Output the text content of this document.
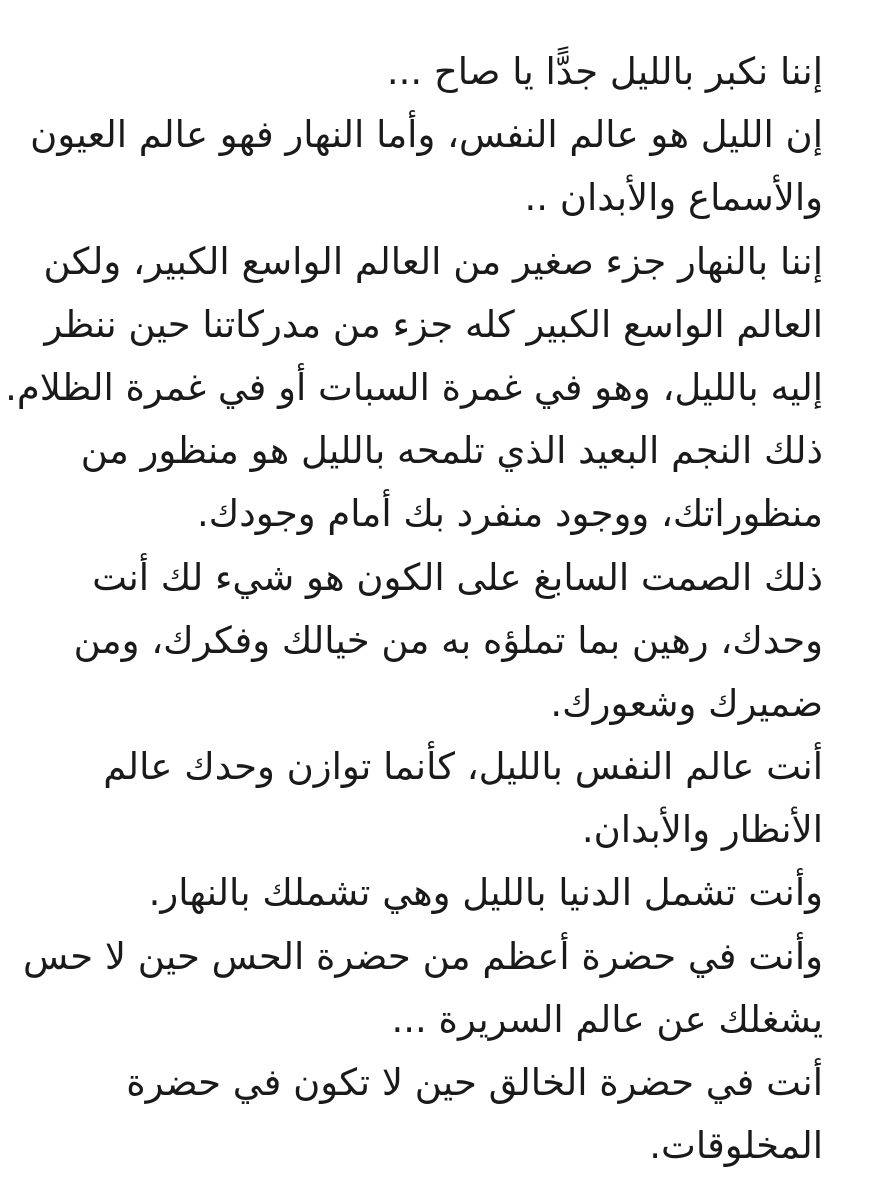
إننا نكبر بالليل جدًّا يا صاح ...
إن الليل هو عالم النفس، وأما النهار فهو عالم العيون
والأسماع والأبدان ..
إننا بالنهار جزء صغير من العالم الواسع الكبير، ولكن
العالم الواسع الكبير كله جزء من مدركاتنا حين ننظر
إليه بالليل، وهو في غمرة السبات أو في غمرة الظلام.
ذلك النجم البعيد الذي تلمحه بالليل هو منظور من
منظوراتك، ووجود منفرد بك أمام وجودك.
ذلك الصمت السابغ على الكون هو شيء لك أنت
وحدك، رهين بما تملؤه به من خيالك وفكرك، ومن
ضميرك وشعورك.
أنت عالم النفس بالليل، كأنما توازن وحدك عالم
الأنظار والأبدان.
وأنت تشمل الدنيا بالليل وهي تشملك بالنهار.
وأنت في حضرة أعظم من حضرة الحس حين لا حس
يشغلك عن عالم السريرة ...
أنت في حضرة الخالق حين لا تكون في حضرة
المخلوقات.
